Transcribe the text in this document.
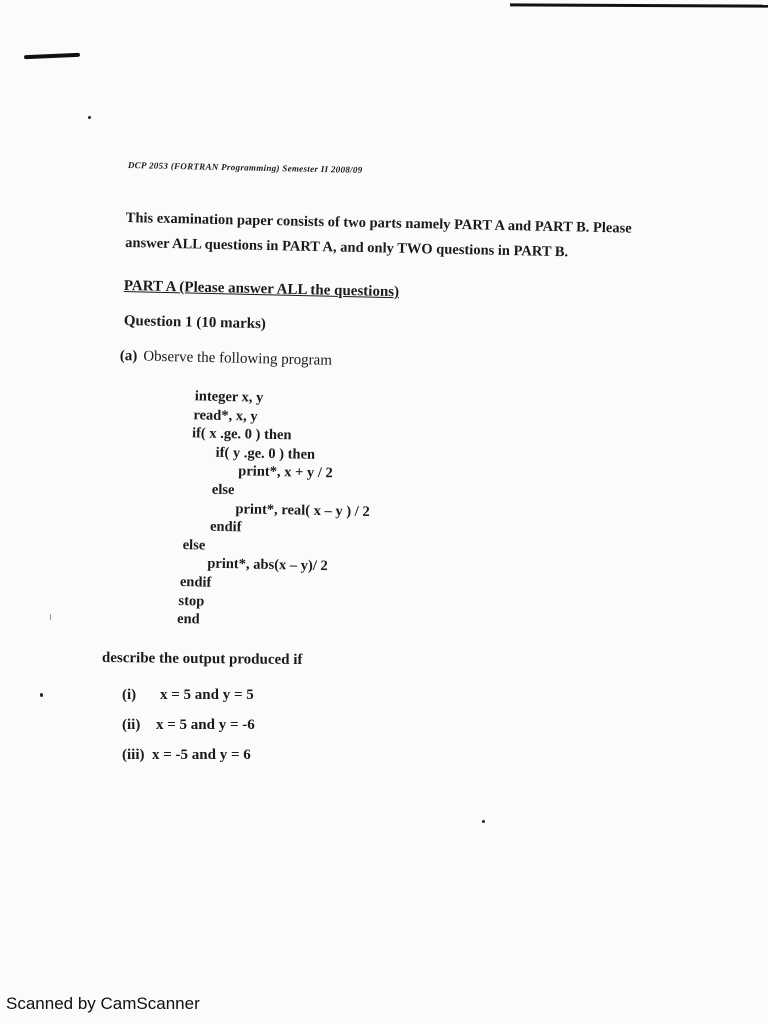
DCP 2053 (FORTRAN Programming) Semester II 2008/09
This examination paper consists of two parts namely PART A and PART B. Please
answer ALL questions in PART A, and only TWO questions in PART B.
PART A (Please answer ALL the questions)
Question 1 (10 marks)
(a) Observe the following program
integer x, y
read*, x, y
if( x .ge. 0 ) then
if( y .ge. 0 ) then
print*, x + y / 2
else
print*, real( x – y ) / 2
endif
else
print*, abs(x – y)/ 2
endif
stop
end
describe the output produced if
(i) x = 5 and y = 5
(ii) x = 5 and y = -6
(iii) x = -5 and y = 6
Scanned by CamScanner
